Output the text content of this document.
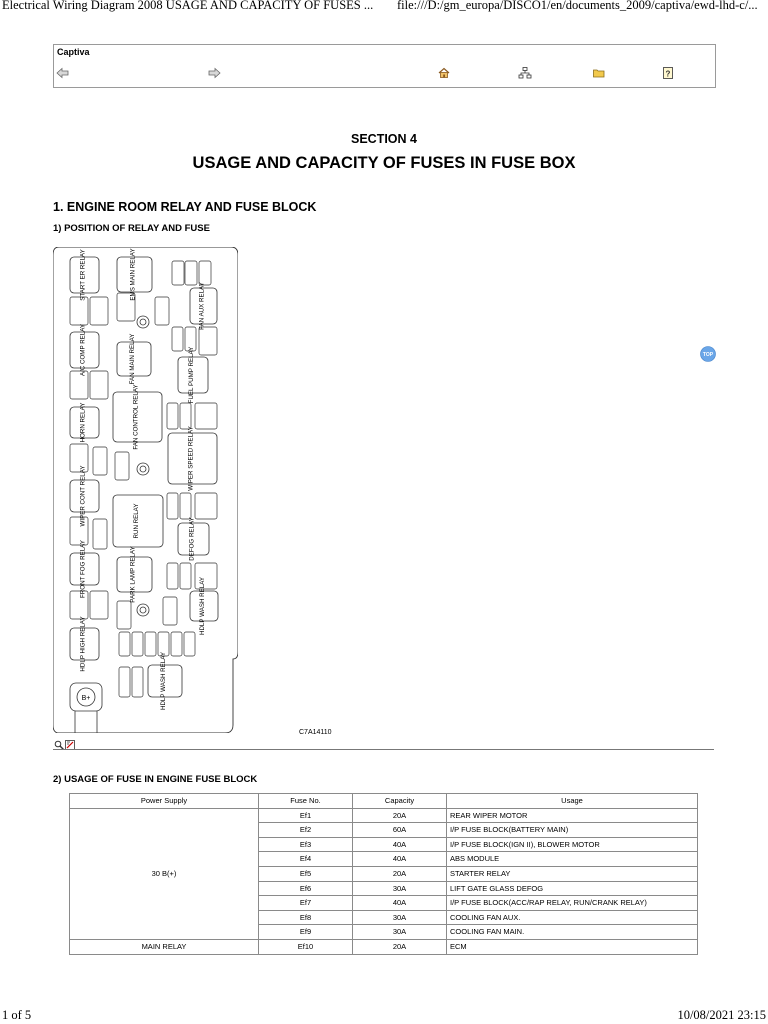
Electrical Wiring Diagram 2008 USAGE AND CAPACITY OF FUSES ... file:///D:/gm_europa/DISCO1/en/documents_2009/captiva/ewd-lhd-c/...
Captiva
?
SECTION 4
USAGE AND CAPACITY OF FUSES IN FUSE BOX
1. ENGINE ROOM RELAY AND FUSE BLOCK
1) POSITION OF RELAY AND FUSE
B+
START ER RELAY	EMS MAIN RELAY
FAN AUX RELAY
A/C COMP RELAY	FAN MAIN RELAY	FUEL PUMP RELAY
HORN RELAY	FAN CONTROL RELAY
WIPER SPEED RELAY
WIPER CONT RELAY	RUN RELAY	DEFOG RELAY
FRONT FOG RELAY	PARK LAMP RELAY
HDLP WASH RELAY
HDLP HIGH RELAY
HDLP WASH RELAY
C7A14110
TOP
2) USAGE OF FUSE IN ENGINE FUSE BLOCK
Power Supply	Fuse No.	Capacity	Usage
30 B(+)	Ef1	20A	REAR WIPER MOTOR
	Ef2	60A	I/P FUSE BLOCK(BATTERY MAIN)
	Ef3	40A	I/P FUSE BLOCK(IGN II), BLOWER MOTOR
	Ef4	40A	ABS MODULE
	Ef5	20A	STARTER RELAY
	Ef6	30A	LIFT GATE GLASS DEFOG
	Ef7	40A	I/P FUSE BLOCK(ACC/RAP RELAY, RUN/CRANK RELAY)
	Ef8	30A	COOLING FAN AUX.
	Ef9	30A	COOLING FAN MAIN.
MAIN RELAY	Ef10	20A	ECM
1 of 5	10/08/2021 23:15
